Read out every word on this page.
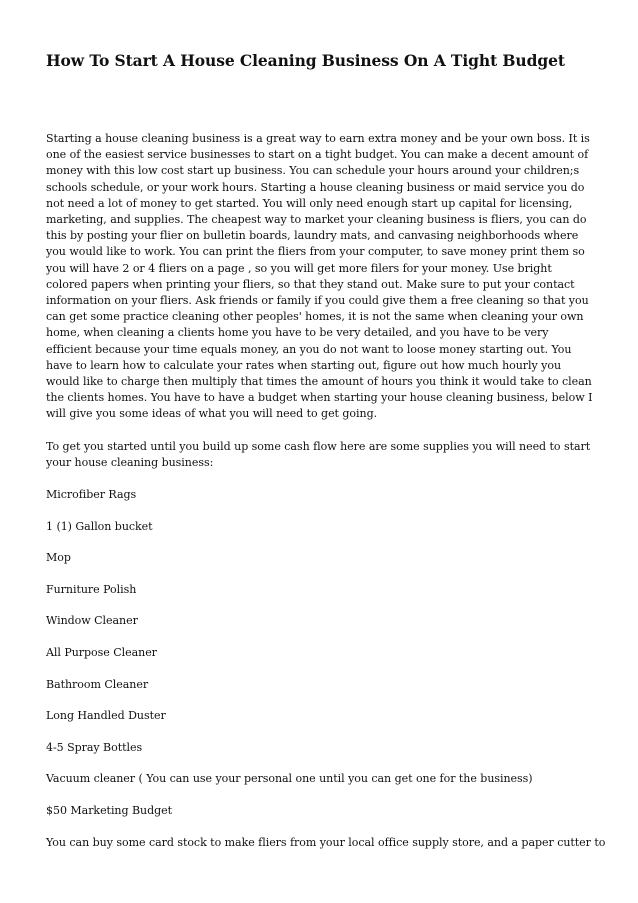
How To Start A House Cleaning Business On A Tight Budget

Starting a house cleaning business is a great way to earn extra money and be your own boss. It is one of the easiest service businesses to start on a tight budget. You can make a decent amount of money with this low cost start up business. You can schedule your hours around your children;s schools schedule, or your work hours. Starting a house cleaning business or maid service you do not need a lot of money to get started. You will only need enough start up capital for licensing, marketing, and supplies. The cheapest way to market your cleaning business is fliers, you can do this by posting your flier on bulletin boards, laundry mats, and canvasing neighborhoods where you would like to work. You can print the fliers from your computer, to save money print them so you will have 2 or 4 fliers on a page , so you will get more filers for your money. Use bright colored papers when printing your fliers, so that they stand out. Make sure to put your contact information on your fliers. Ask friends or family if you could give them a free cleaning so that you can get some practice cleaning other peoples' homes, it is not the same when cleaning your own home, when cleaning a clients home you have to be very detailed, and you have to be very efficient because your time equals money, an you do not want to loose money starting out. You have to learn how to calculate your rates when starting out, figure out how much hourly you would like to charge then multiply that times the amount of hours you think it would take to clean the clients homes. You have to have a budget when starting your house cleaning business, below I will give you some ideas of what you will need to get going.

To get you started until you build up some cash flow here are some supplies you will need to start your house cleaning business:

Microfiber Rags
1 (1) Gallon bucket
Mop
Furniture Polish
Window Cleaner
All Purpose Cleaner
Bathroom Cleaner
Long Handled Duster
4-5 Spray Bottles
Vacuum cleaner ( You can use your personal one until you can get one for the business)
$50 Marketing Budget

You can buy some card stock to make fliers from your local office supply store, and a paper cutter to
